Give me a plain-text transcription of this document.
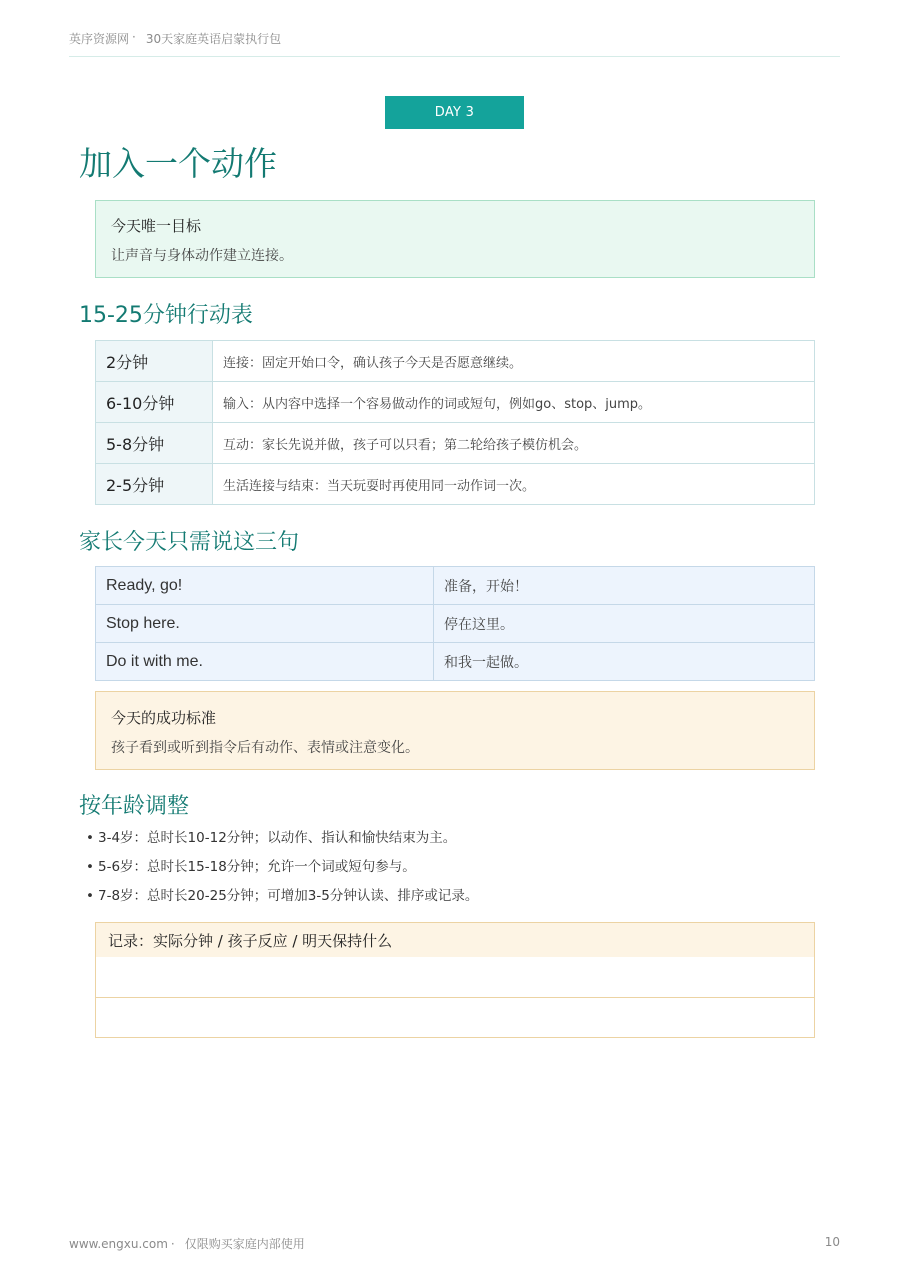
英序资源网 · 30天家庭英语启蒙执行包
DAY 3
加入一个动作
今天唯一目标
让声音与身体动作建立连接。
15-25分钟行动表
2分钟	连接：固定开始口令，确认孩子今天是否愿意继续。
6-10分钟	输入：从内容中选择一个容易做动作的词或短句，例如go、stop、jump。
5-8分钟	互动：家长先说并做，孩子可以只看；第二轮给孩子模仿机会。
2-5分钟	生活连接与结束：当天玩耍时再使用同一动作词一次。
家长今天只需说这三句
Ready, go!	准备，开始！
Stop here.	停在这里。
Do it with me.	和我一起做。
今天的成功标准
孩子看到或听到指令后有动作、表情或注意变化。
按年龄调整
• 3-4岁：总时长10-12分钟；以动作、指认和愉快结束为主。
• 5-6岁：总时长15-18分钟；允许一个词或短句参与。
• 7-8岁：总时长20-25分钟；可增加3-5分钟认读、排序或记录。
记录：实际分钟 / 孩子反应 / 明天保持什么

www.engxu.com · 仅限购买家庭内部使用	10
